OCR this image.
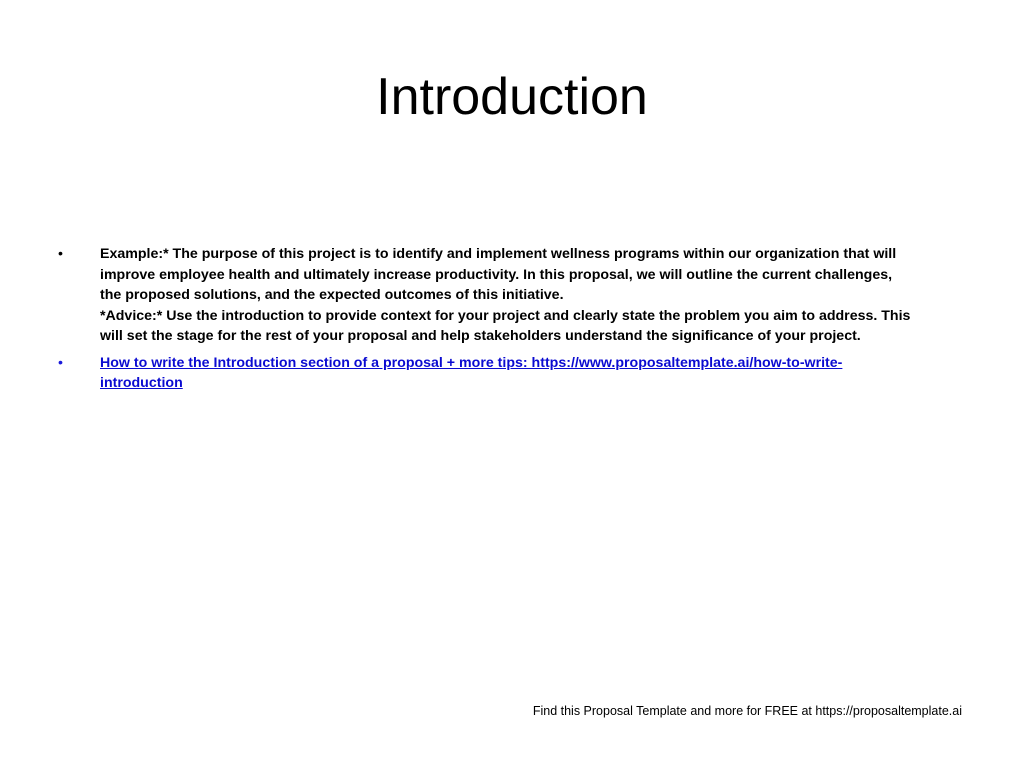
Introduction
•	Example:* The purpose of this project is to identify and implement wellness programs within our organization that will
improve employee health and ultimately increase productivity. In this proposal, we will outline the current challenges,
the proposed solutions, and the expected outcomes of this initiative.
*Advice:* Use the introduction to provide context for your project and clearly state the problem you aim to address. This
will set the stage for the rest of your proposal and help stakeholders understand the significance of your project.
•	How to write the Introduction section of a proposal + more tips: https://www.proposaltemplate.ai/how-to-write-
introduction
Find this Proposal Template and more for FREE at https://proposaltemplate.ai
